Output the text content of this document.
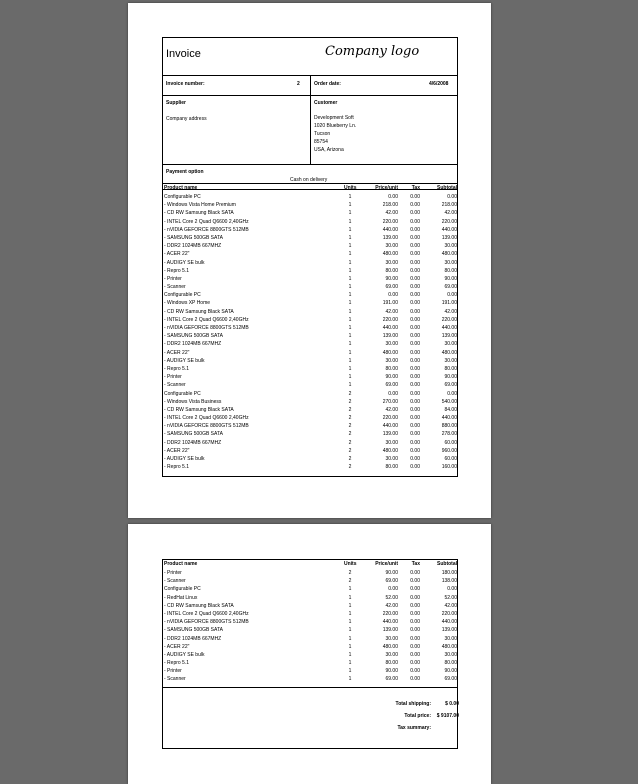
Invoice	Company logo
Invoice number:	2	Order date:	4/6/2008
Supplier
Company address
Customer
Development Soft
1020 Blueberry Ln.
Tucson
85754
USA, Arizona
Payment option
Cash on delivery
Product name	Units	Price/unit	Tax	Subtotal
Configurable PC	1	0.00	0.00	0.00
- Windows Vista Home Premium	1	218.00	0.00	218.00
- CD RW Samsung Black SATA	1	42.00	0.00	42.00
- INTEL Core 2 Quad Q6600 2,40GHz	1	220.00	0.00	220.00
- nVIDIA GEFORCE 8800GTS 512MB	1	440.00	0.00	440.00
- SAMSUNG 500GB SATA	1	139.00	0.00	139.00
- DDR2 1024MB 667MHZ	1	30.00	0.00	30.00
- ACER 22"	1	480.00	0.00	480.00
- AUDIGY SE bulk	1	30.00	0.00	30.00
- Repro 5.1	1	80.00	0.00	80.00
- Printer	1	90.00	0.00	90.00
- Scanner	1	69.00	0.00	69.00
Configurable PC	1	0.00	0.00	0.00
- Windows XP Home	1	191.00	0.00	191.00
- CD RW Samsung Black SATA	1	42.00	0.00	42.00
- INTEL Core 2 Quad Q6600 2,40GHz	1	220.00	0.00	220.00
- nVIDIA GEFORCE 8800GTS 512MB	1	440.00	0.00	440.00
- SAMSUNG 500GB SATA	1	139.00	0.00	139.00
- DDR2 1024MB 667MHZ	1	30.00	0.00	30.00
- ACER 22"	1	480.00	0.00	480.00
- AUDIGY SE bulk	1	30.00	0.00	30.00
- Repro 5.1	1	80.00	0.00	80.00
- Printer	1	90.00	0.00	90.00
- Scanner	1	69.00	0.00	69.00
Configurable PC	2	0.00	0.00	0.00
- Windows Vista Business	2	270.00	0.00	540.00
- CD RW Samsung Black SATA	2	42.00	0.00	84.00
- INTEL Core 2 Quad Q6600 2,40GHz	2	220.00	0.00	440.00
- nVIDIA GEFORCE 8800GTS 512MB	2	440.00	0.00	880.00
- SAMSUNG 500GB SATA	2	139.00	0.00	278.00
- DDR2 1024MB 667MHZ	2	30.00	0.00	60.00
- ACER 22"	2	480.00	0.00	960.00
- AUDIGY SE bulk	2	30.00	0.00	60.00
- Repro 5.1	2	80.00	0.00	160.00
Product name	Units	Price/unit	Tax	Subtotal
- Printer	2	90.00	0.00	180.00
- Scanner	2	69.00	0.00	138.00
Configurable PC	1	0.00	0.00	0.00
- RedHat Linux	1	52.00	0.00	52.00
- CD RW Samsung Black SATA	1	42.00	0.00	42.00
- INTEL Core 2 Quad Q6600 2,40GHz	1	220.00	0.00	220.00
- nVIDIA GEFORCE 8800GTS 512MB	1	440.00	0.00	440.00
- SAMSUNG 500GB SATA	1	139.00	0.00	139.00
- DDR2 1024MB 667MHZ	1	30.00	0.00	30.00
- ACER 22"	1	480.00	0.00	480.00
- AUDIGY SE bulk	1	30.00	0.00	30.00
- Repro 5.1	1	80.00	0.00	80.00
- Printer	1	90.00	0.00	90.00
- Scanner	1	69.00	0.00	69.00
Total shipping:	$ 0.00
Total price:	$ 9107.00
Tax summary:
